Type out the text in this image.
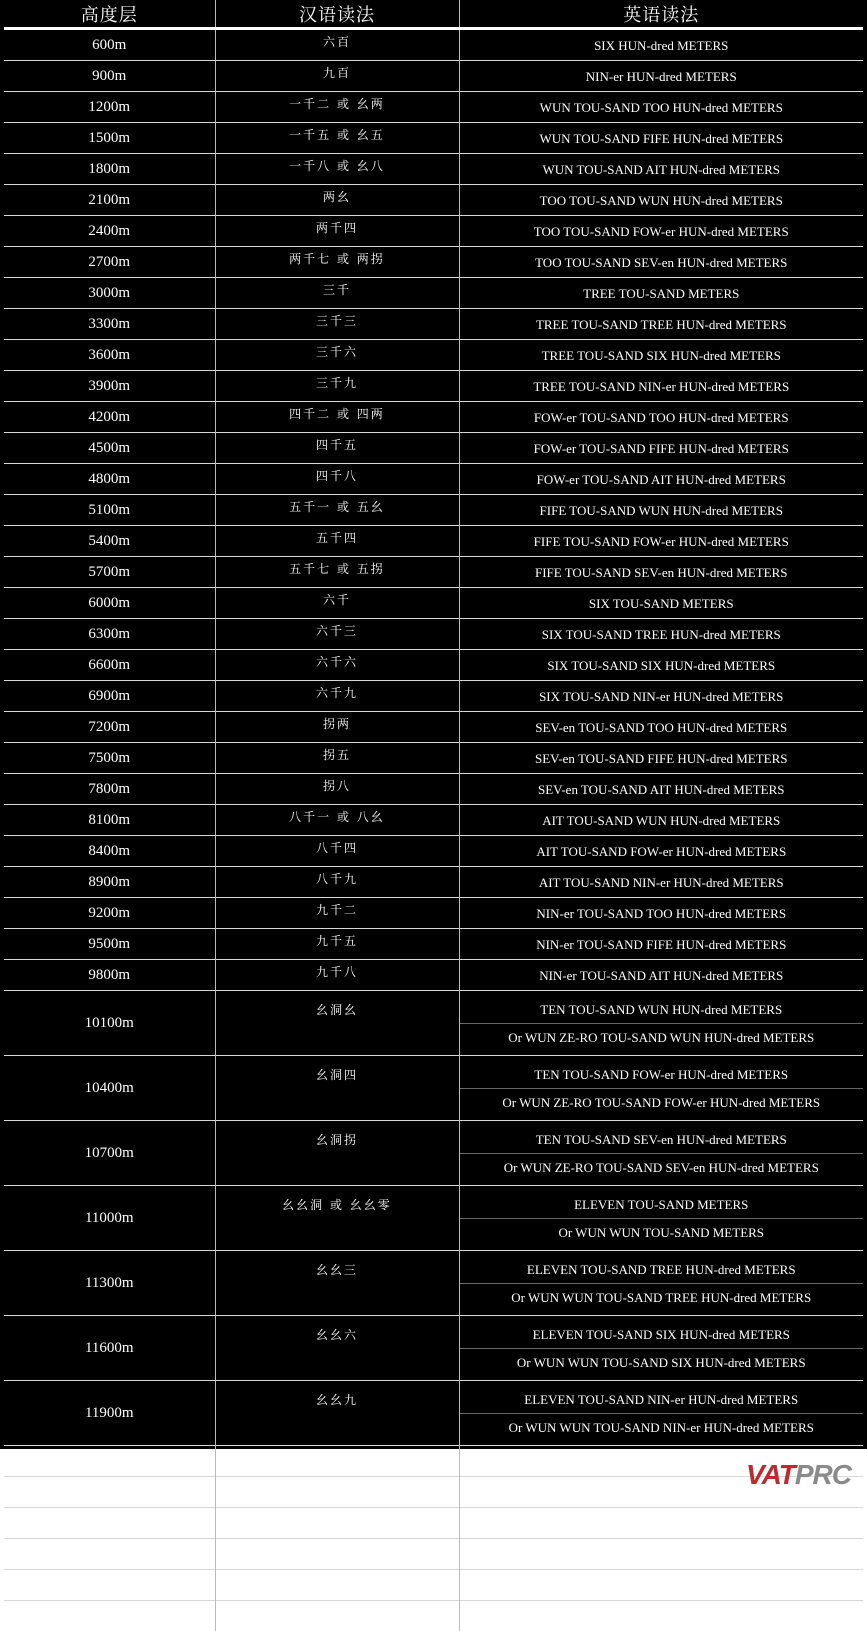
高度层	汉语读法	英语读法
600m	六百	SIX HUN-dred METERS

900m	九百	NIN-er HUN-dred METERS

1200m	一千二 或 幺两	WUN TOU-SAND TOO HUN-dred METERS

1500m	一千五 或 幺五	WUN TOU-SAND FIFE HUN-dred METERS

1800m	一千八 或 幺八	WUN TOU-SAND AIT HUN-dred METERS

2100m	两幺	TOO TOU-SAND WUN HUN-dred METERS

2400m	两千四	TOO TOU-SAND FOW-er HUN-dred METERS

2700m	两千七 或 两拐	TOO TOU-SAND SEV-en HUN-dred METERS

3000m	三千	TREE TOU-SAND METERS

3300m	三千三	TREE TOU-SAND TREE HUN-dred METERS

3600m	三千六	TREE TOU-SAND SIX HUN-dred METERS

3900m	三千九	TREE TOU-SAND NIN-er HUN-dred METERS

4200m	四千二 或 四两	FOW-er TOU-SAND TOO HUN-dred METERS

4500m	四千五	FOW-er TOU-SAND FIFE HUN-dred METERS

4800m	四千八	FOW-er TOU-SAND AIT HUN-dred METERS

5100m	五千一 或 五幺	FIFE TOU-SAND WUN HUN-dred METERS

5400m	五千四	FIFE TOU-SAND FOW-er HUN-dred METERS

5700m	五千七 或 五拐	FIFE TOU-SAND SEV-en HUN-dred METERS

6000m	六千	SIX TOU-SAND METERS

6300m	六千三	SIX TOU-SAND TREE HUN-dred METERS

6600m	六千六	SIX TOU-SAND SIX HUN-dred METERS

6900m	六千九	SIX TOU-SAND NIN-er HUN-dred METERS

7200m	拐两	SEV-en TOU-SAND TOO HUN-dred METERS

7500m	拐五	SEV-en TOU-SAND FIFE HUN-dred METERS

7800m	拐八	SEV-en TOU-SAND AIT HUN-dred METERS

8100m	八千一 或 八幺	AIT TOU-SAND WUN HUN-dred METERS

8400m	八千四	AIT TOU-SAND FOW-er HUN-dred METERS

8900m	八千九	AIT TOU-SAND NIN-er HUN-dred METERS

9200m	九千二	NIN-er TOU-SAND TOO HUN-dred METERS

9500m	九千五	NIN-er TOU-SAND FIFE HUN-dred METERS

9800m	九千八	NIN-er TOU-SAND AIT HUN-dred METERS

10100m	幺洞幺	TEN TOU-SAND WUN HUN-dred METERS
Or WUN ZE-RO TOU-SAND WUN HUN-dred METERS

10400m	幺洞四	TEN TOU-SAND FOW-er HUN-dred METERS
Or WUN ZE-RO TOU-SAND FOW-er HUN-dred METERS

10700m	幺洞拐	TEN TOU-SAND SEV-en HUN-dred METERS
Or WUN ZE-RO TOU-SAND SEV-en HUN-dred METERS

11000m	幺幺洞 或 幺幺零	ELEVEN TOU-SAND METERS
Or WUN WUN TOU-SAND METERS

11300m	幺幺三	ELEVEN TOU-SAND TREE HUN-dred METERS
Or WUN WUN TOU-SAND TREE HUN-dred METERS

11600m	幺幺六	ELEVEN TOU-SAND SIX HUN-dred METERS
Or WUN WUN TOU-SAND SIX HUN-dred METERS

11900m	幺幺九	ELEVEN TOU-SAND NIN-er HUN-dred METERS
Or WUN WUN TOU-SAND NIN-er HUN-dred METERS

12200m	幺两两	WUN TOO TO-SAND TOO HUN-dred METERS

12500m	幺两五	WUN TOO TO-SAND FIFE HUN-dred METERS

13100m	幺三幺	WUN TREE TOU-SAND WUN HUN-dred METERS

13700m	幺三拐	WUN TREE TOU-SAND SEV-en HUN-dred METERS

14300m	幺四三	WUN FOW-er TOU-SAND TREE HUN-dred METERS

14900m	幺四九	WUN FOW-er TOU-SAND NIN-er HUN-dred METERS
VATPRC
